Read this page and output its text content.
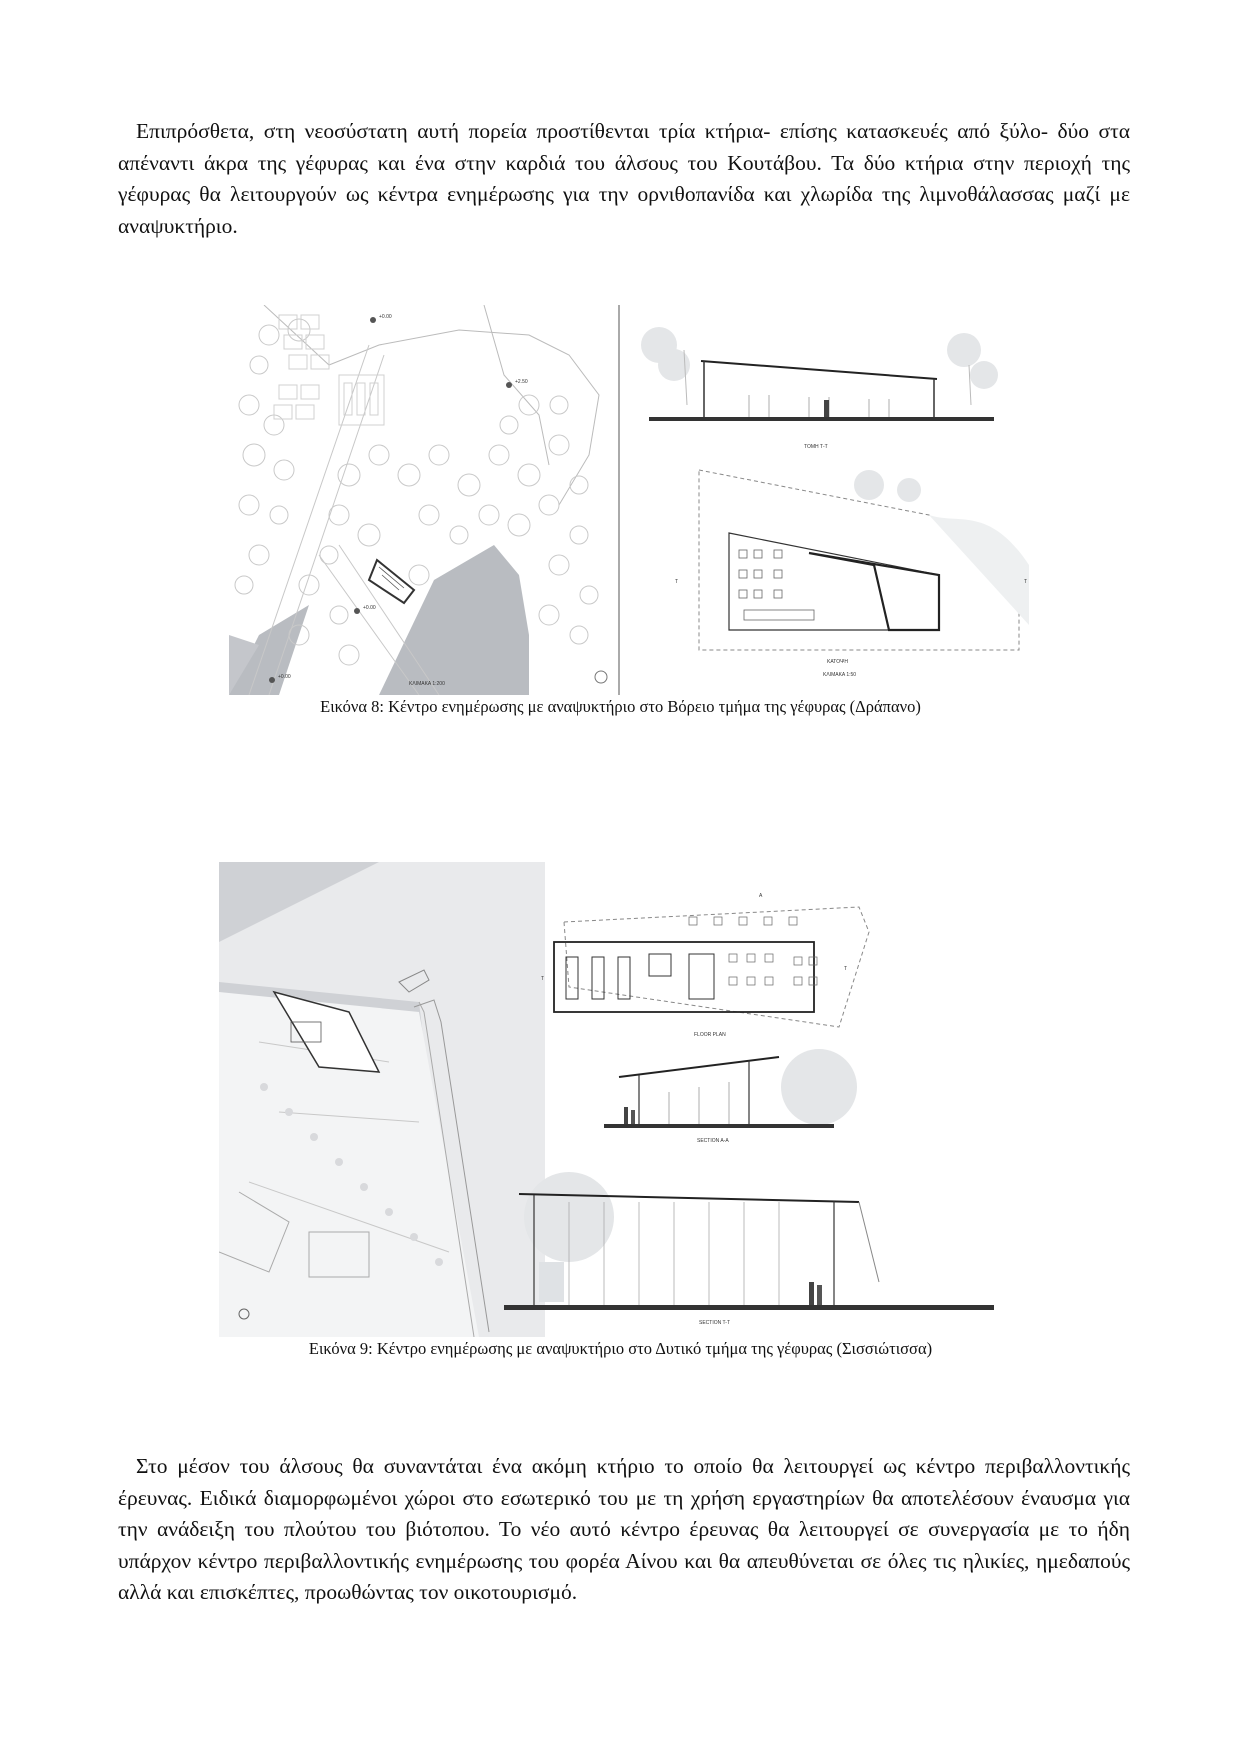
Επιπρόσθετα, στη νεοσύστατη αυτή πορεία προστίθενται τρία κτήρια- επίσης κατασκευές από ξύλο- δύο στα απέναντι άκρα της γέφυρας και ένα στην καρδιά του άλσους του Κουτάβου. Τα δύο κτήρια στην περιοχή της γέφυρας θα λειτουργούν ως κέντρα ενημέρωσης για την ορνιθοπανίδα και χλωρίδα της λιμνοθάλασσας μαζί με αναψυκτήριο.
+0.00
+2.50
+0.00
+0.00
ΚΛΙΜΑΚΑ 1:200
ΤΟΜΗ Τ-Τ
T	T
ΚΑΤΟΨΗ
ΚΛΙΜΑΚΑ 1:50
Εικόνα 8: Κέντρο ενημέρωσης με αναψυκτήριο στο Βόρειο τμήμα της γέφυρας (Δράπανο)
T
T
A
FLOOR PLAN
SECTION A-A
SECTION T-T
Εικόνα 9: Κέντρο ενημέρωσης με αναψυκτήριο στο Δυτικό τμήμα της γέφυρας (Σισσιώτισσα)
Στο μέσον του άλσους θα συναντάται ένα ακόμη κτήριο το οποίο θα λειτουργεί ως κέντρο περιβαλλοντικής έρευνας. Ειδικά διαμορφωμένοι χώροι στο εσωτερικό του με τη χρήση εργαστηρίων θα αποτελέσουν έναυσμα για την ανάδειξη του πλούτου του βιότοπου. Το νέο αυτό κέντρο έρευνας θα λειτουργεί σε συνεργασία με το ήδη υπάρχον κέντρο περιβαλλοντικής ενημέρωσης του φορέα Αίνου και θα απευθύνεται σε όλες τις ηλικίες, ημεδαπούς αλλά και επισκέπτες, προωθώντας τον οικοτουρισμό.
